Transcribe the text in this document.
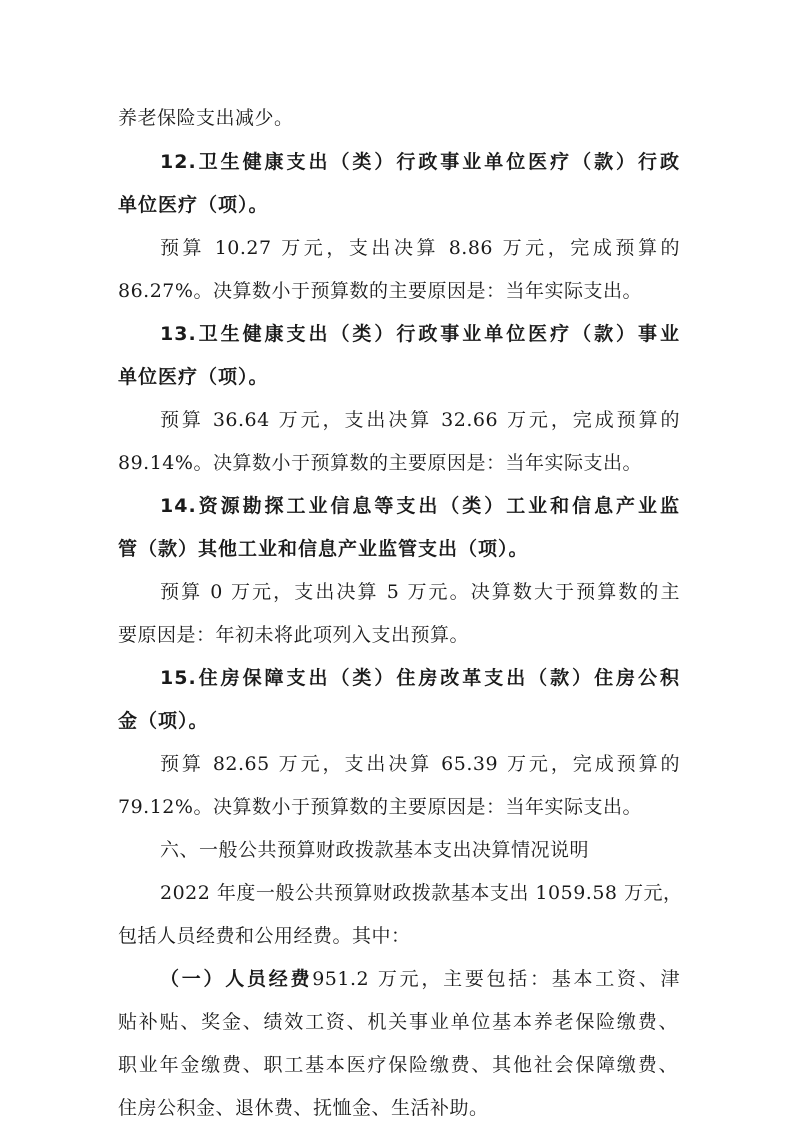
养老保险支出减少。
12.卫生健康支出（类）行政事业单位医疗（款）行政
单位医疗（项）。
预算 10.27 万元，支出决算 8.86 万元，完成预算的
86.27%。决算数小于预算数的主要原因是：当年实际支出。
13.卫生健康支出（类）行政事业单位医疗（款）事业
单位医疗（项）。
预算 36.64 万元，支出决算 32.66 万元，完成预算的
89.14%。决算数小于预算数的主要原因是：当年实际支出。
14.资源勘探工业信息等支出（类）工业和信息产业监
管（款）其他工业和信息产业监管支出（项）。
预算 0 万元，支出决算 5 万元。决算数大于预算数的主
要原因是：年初未将此项列入支出预算。
15.住房保障支出（类）住房改革支出（款）住房公积
金（项）。
预算 82.65 万元，支出决算 65.39 万元，完成预算的
79.12%。决算数小于预算数的主要原因是：当年实际支出。
六、一般公共预算财政拨款基本支出决算情况说明
2022 年度一般公共预算财政拨款基本支出 1059.58 万元，
包括人员经费和公用经费。其中：
（一）人员经费951.2 万元，主要包括：基本工资、津
贴补贴、奖金、绩效工资、机关事业单位基本养老保险缴费、
职业年金缴费、职工基本医疗保险缴费、其他社会保障缴费、
住房公积金、退休费、抚恤金、生活补助。
